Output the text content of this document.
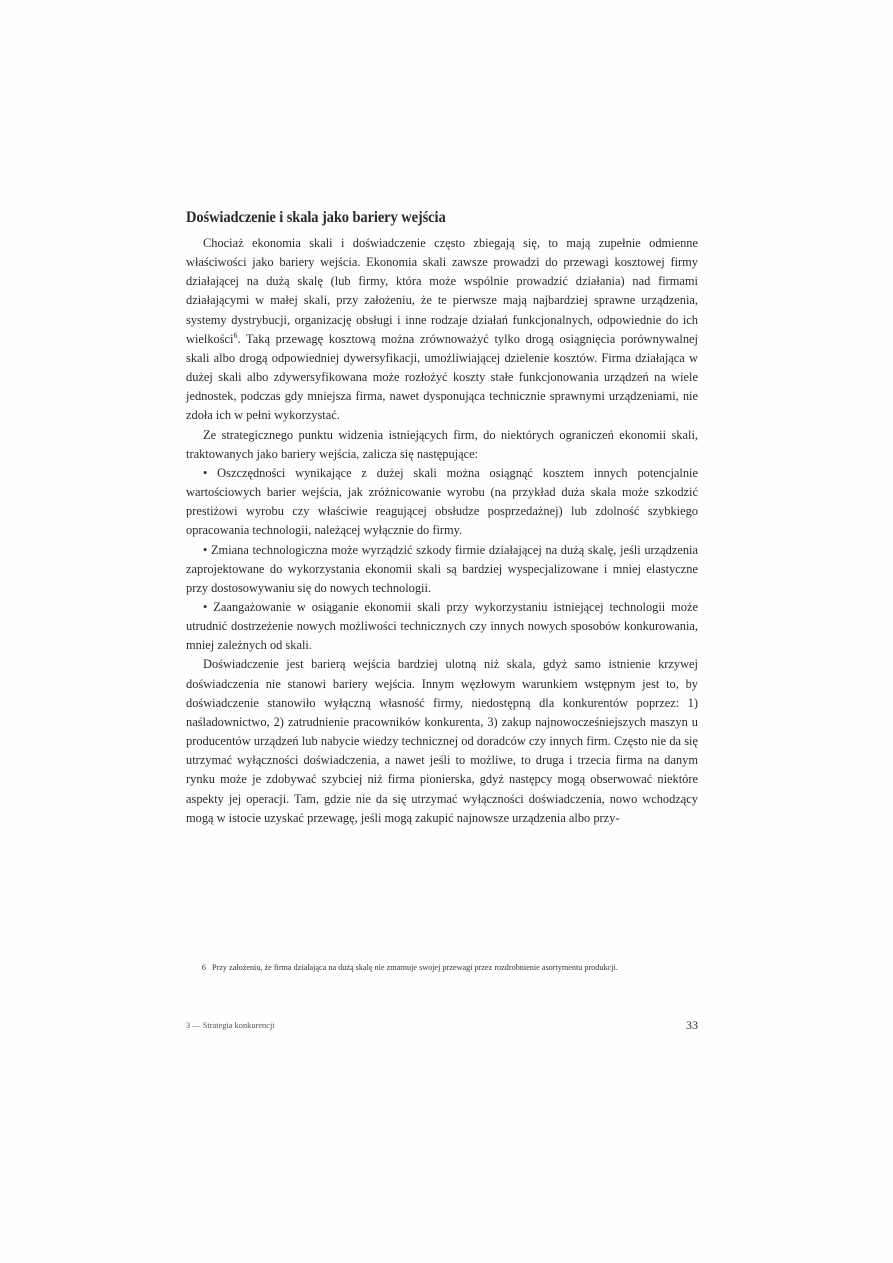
Doświadczenie i skala jako bariery wejścia

Chociaż ekonomia skali i doświadczenie często zbiegają się, to mają zupełnie odmienne właściwości jako bariery wejścia. Ekonomia skali zawsze prowadzi do przewagi kosztowej firmy działającej na dużą skalę (lub firmy, która może wspólnie prowadzić działania) nad firmami działającymi w małej skali, przy założeniu, że te pierwsze mają najbardziej sprawne urządzenia, systemy dystrybucji, organizację obsługi i inne rodzaje działań funkcjonalnych, odpowiednie do ich wielkości$^6$. Taką przewagę kosztową można zrównoważyć tylko drogą osiągnięcia porównywalnej skali albo drogą odpowiedniej dywersyfikacji, umożliwiającej dzielenie kosztów. Firma działająca w dużej skali albo zdywersyfikowana może rozłożyć koszty stałe funkcjonowania urządzeń na wiele jednostek, podczas gdy mniejsza firma, nawet dysponująca technicznie sprawnymi urządzeniami, nie zdoła ich w pełni wykorzystać.

Ze strategicznego punktu widzenia istniejących firm, do niektórych ograniczeń ekonomii skali, traktowanych jako bariery wejścia, zalicza się następujące:

• Oszczędności wynikające z dużej skali można osiągnąć kosztem innych potencjalnie wartościowych barier wejścia, jak zróżnicowanie wyrobu (na przykład duża skala może szkodzić prestiżowi wyrobu czy właściwie reagującej obsłudze posprzedażnej) lub zdolność szybkiego opracowania technologii, należącej wyłącznie do firmy.

• Zmiana technologiczna może wyrządzić szkody firmie działającej na dużą skalę, jeśli urządzenia zaprojektowane do wykorzystania ekonomii skali są bardziej wyspecjalizowane i mniej elastyczne przy dostosowywaniu się do nowych technologii.

• Zaangażowanie w osiąganie ekonomii skali przy wykorzystaniu istniejącej technologii może utrudnić dostrzeżenie nowych możliwości technicznych czy innych nowych sposobów konkurowania, mniej zależnych od skali.

Doświadczenie jest barierą wejścia bardziej ulotną niż skala, gdyż samo istnienie krzywej doświadczenia nie stanowi bariery wejścia. Innym węzłowym warunkiem wstępnym jest to, by doświadczenie stanowiło wyłączną własność firmy, niedostępną dla konkurentów poprzez: 1) naśladownictwo, 2) zatrudnienie pracowników konkurenta, 3) zakup najnowocześniejszych maszyn u producentów urządzeń lub nabycie wiedzy technicznej od doradców czy innych firm. Często nie da się utrzymać wyłączności doświadczenia, a nawet jeśli to możliwe, to druga i trzecia firma na danym rynku może je zdobywać szybciej niż firma pionierska, gdyż następcy mogą obserwować niektóre aspekty jej operacji. Tam, gdzie nie da się utrzymać wyłączności doświadczenia, nowo wchodzący mogą w istocie uzyskać przewagę, jeśli mogą zakupić najnowsze urządzenia albo przy-

6 Przy założeniu, że firma działająca na dużą skalę nie zmarnuje swojej przewagi przez rozdrobnienie asortymentu produkcji.
3 — Strategia konkurencji	33
